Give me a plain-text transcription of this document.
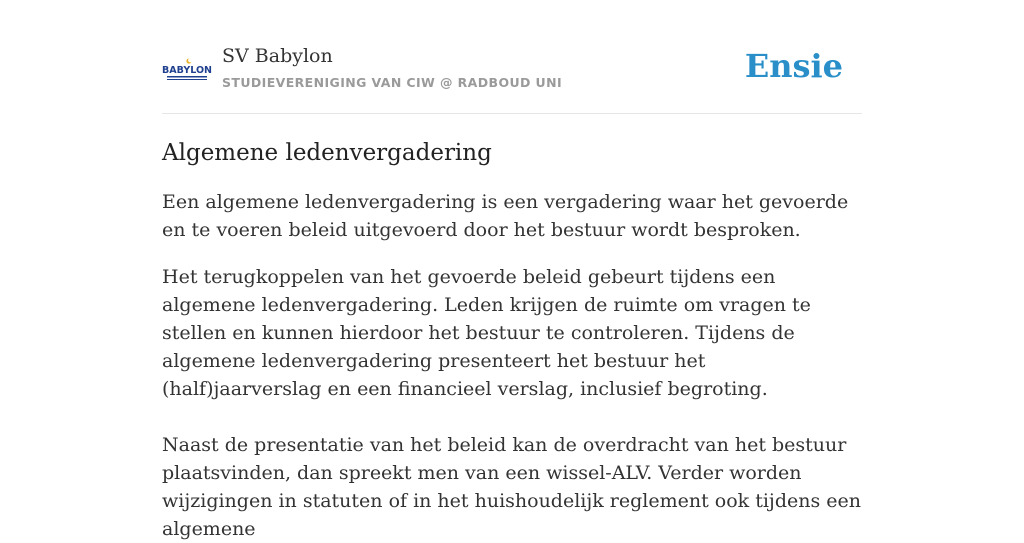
BABYLON
SV Babylon
STUDIEVERENIGING VAN CIW @ RADBOUD UNI	Ensie
Algemene ledenvergadering

Een algemene ledenvergadering is een vergadering waar het gevoerde en te voeren beleid uitgevoerd door het bestuur wordt besproken.

Het terugkoppelen van het gevoerde beleid gebeurt tijdens een algemene ledenvergadering. Leden krijgen de ruimte om vragen te stellen en kunnen hierdoor het bestuur te controleren. Tijdens de algemene ledenvergadering presenteert het bestuur het (half)jaarverslag en een financieel verslag, inclusief begroting.

Naast de presentatie van het beleid kan de overdracht van het bestuur plaatsvinden, dan spreekt men van een wissel-ALV. Verder worden wijzigingen in statuten of in het huishoudelijk reglement ook tijdens een algemene
